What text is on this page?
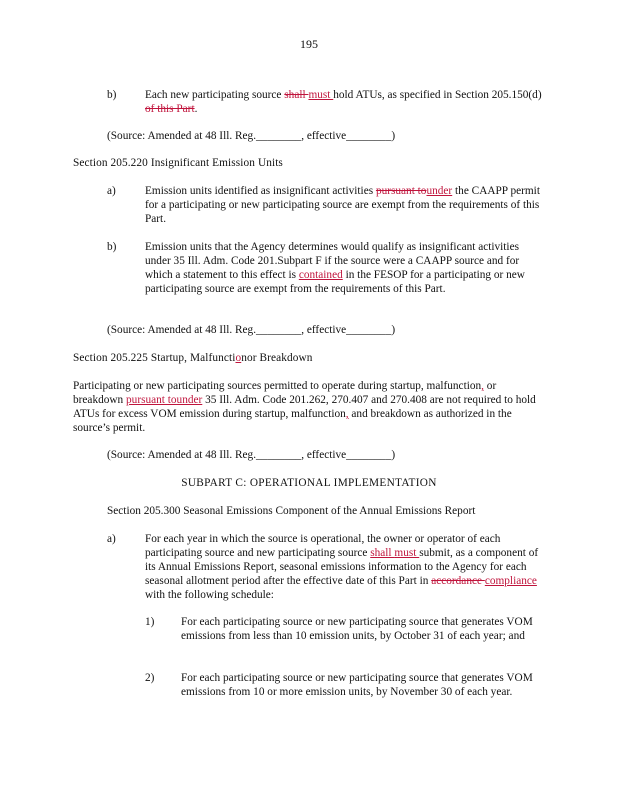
195
b)	Each new participating source shall must hold ATUs, as specified in Section 205.150(d) of this Part.
(Source: Amended at 48 Ill. Reg.________, effective________)
Section 205.220 Insignificant Emission Units
a)	Emission units identified as insignificant activities pursuant tounder the CAAPP permit for a participating or new participating source are exempt from the requirements of this Part.
b)	Emission units that the Agency determines would qualify as insignificant activities under 35 Ill. Adm. Code 201.Subpart F if the source were a CAAPP source and for which a statement to this effect is contained in the FESOP for a participating or new participating source are exempt from the requirements of this Part.
(Source: Amended at 48 Ill. Reg.________, effective________)
Section 205.225 Startup, Malfunctionor Breakdown
Participating or new participating sources permitted to operate during startup, malfunction, or breakdown pursuant tounder 35 Ill. Adm. Code 201.262, 270.407 and 270.408 are not required to hold ATUs for excess VOM emission during startup, malfunction, and breakdown as authorized in the source’s permit.
(Source: Amended at 48 Ill. Reg.________, effective________)
SUBPART C: OPERATIONAL IMPLEMENTATION
Section 205.300 Seasonal Emissions Component of the Annual Emissions Report
a)	For each year in which the source is operational, the owner or operator of each participating source and new participating source shall must submit, as a component of its Annual Emissions Report, seasonal emissions information to the Agency for each seasonal allotment period after the effective date of this Part in accordance compliance with the following schedule:
1) For each participating source or new participating source that generates VOM emissions from less than 10 emission units, by October 31 of each year; and
2) For each participating source or new participating source that generates VOM emissions from 10 or more emission units, by November 30 of each year.
